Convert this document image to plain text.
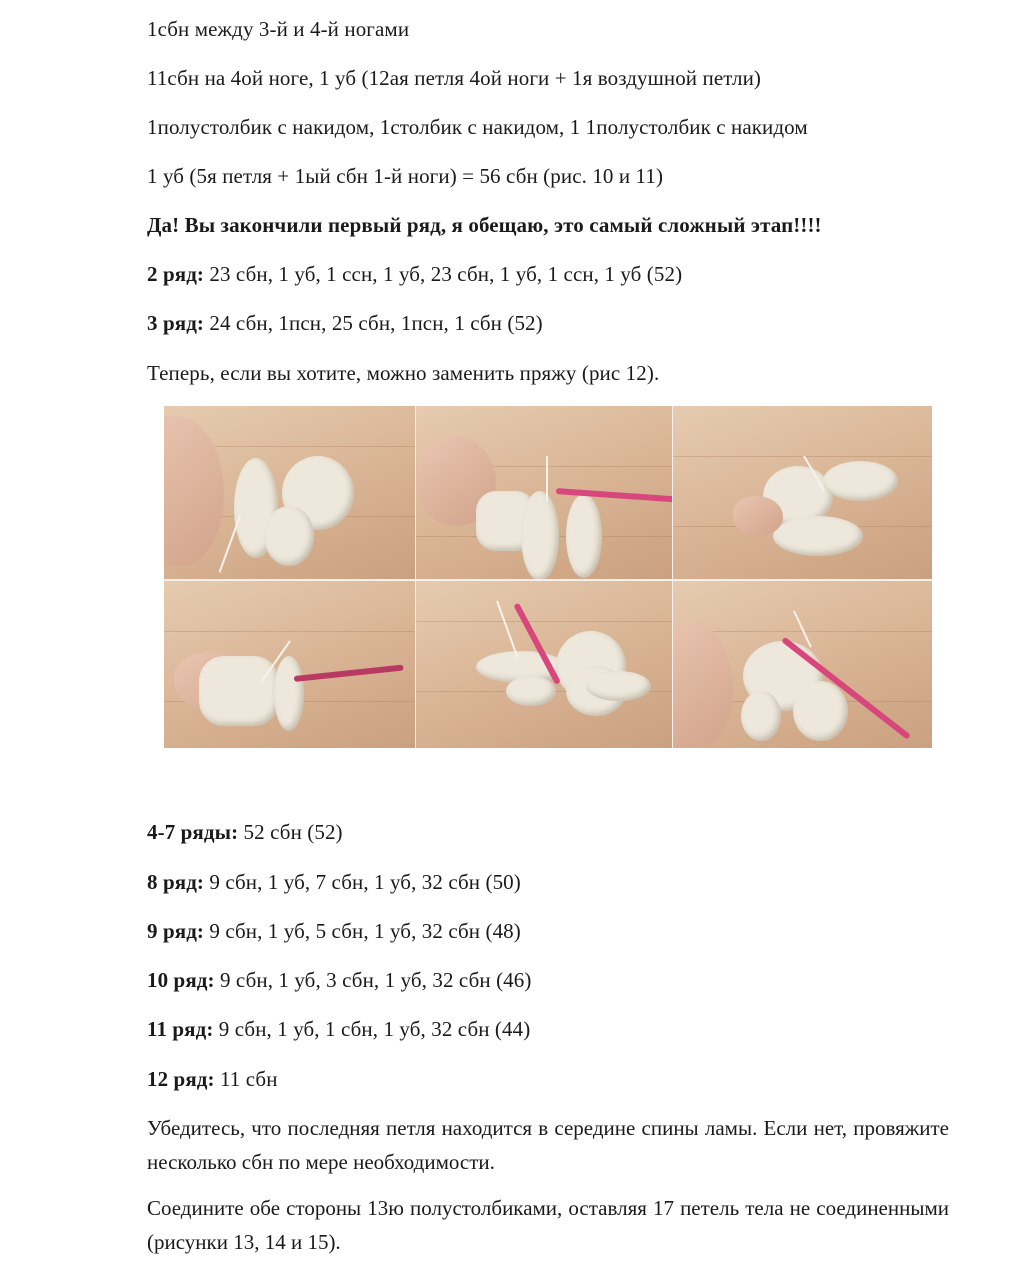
1сбн между 3-й и 4-й ногами
11сбн на 4ой ноге, 1 уб (12ая петля 4ой ноги + 1я воздушной петли)
1полустолбик с накидом, 1столбик с накидом, 1 1полустолбик с накидом
1 уб (5я петля + 1ый сбн 1-й ноги) = 56 сбн (рис. 10 и 11)
Да! Вы закончили первый ряд, я обещаю, это самый сложный этап!!!!
2 ряд: 23 сбн, 1 уб, 1 ссн, 1 уб, 23 сбн, 1 уб, 1 ссн, 1 уб (52)
3 ряд: 24 сбн, 1псн, 25 сбн, 1псн, 1 сбн (52)
Теперь, если вы хотите, можно заменить пряжу (рис 12).
4-7 ряды: 52 сбн (52)
8 ряд: 9 сбн, 1 уб, 7 сбн, 1 уб, 32 сбн (50)
9 ряд: 9 сбн, 1 уб, 5 сбн, 1 уб, 32 сбн (48)
10 ряд: 9 сбн, 1 уб, 3 сбн, 1 уб, 32 сбн (46)
11 ряд: 9 сбн, 1 уб, 1 сбн, 1 уб, 32 сбн (44)
12 ряд: 11 сбн
Убедитесь, что последняя петля находится в середине спины ламы. Если нет, провяжите несколько сбн по мере необходимости.
Соедините обе стороны 13ю полустолбиками, оставляя 17 петель тела не соединенными (рисунки 13, 14 и 15).
